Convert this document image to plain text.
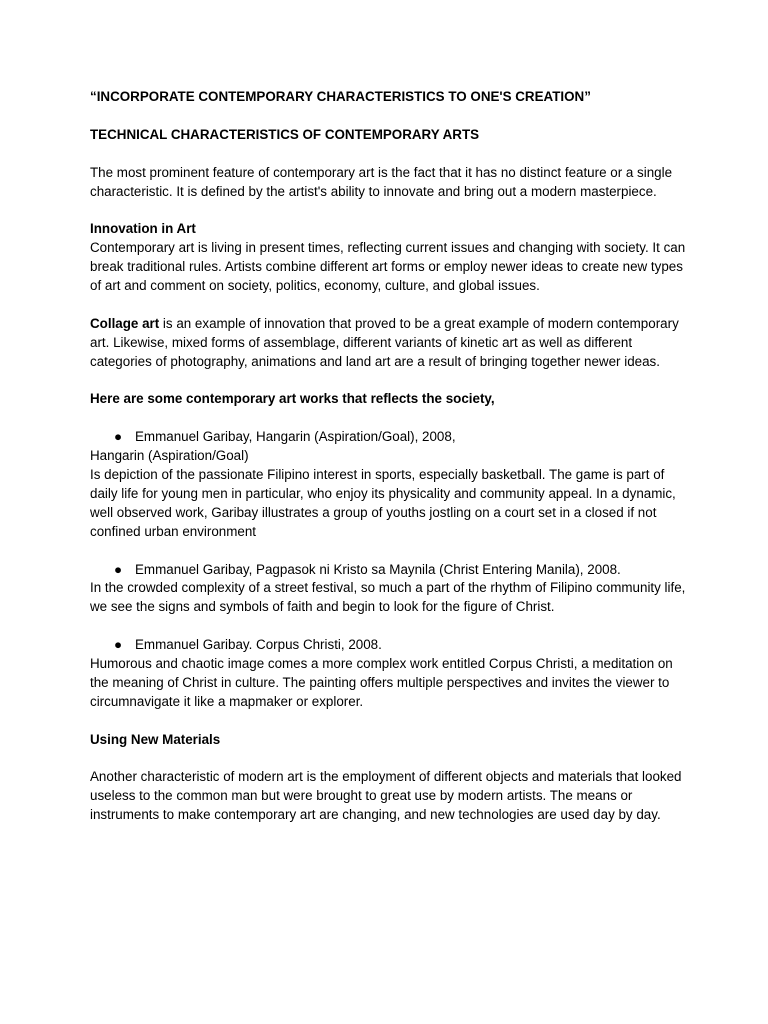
“INCORPORATE CONTEMPORARY CHARACTERISTICS TO ONE'S CREATION”

TECHNICAL CHARACTERISTICS OF CONTEMPORARY ARTS

The most prominent feature of contemporary art is the fact that it has no distinct feature or a single characteristic. It is defined by the artist's ability to innovate and bring out a modern masterpiece.

Innovation in Art

Contemporary art is living in present times, reflecting current issues and changing with society. It can break traditional rules. Artists combine different art forms or employ newer ideas to create new types of art and comment on society, politics, economy, culture, and global issues.

Collage art is an example of innovation that proved to be a great example of modern contemporary art. Likewise, mixed forms of assemblage, different variants of kinetic art as well as different categories of photography, animations and land art are a result of bringing together newer ideas.

Here are some contemporary art works that reflects the society,

● Emmanuel Garibay, Hangarin (Aspiration/Goal), 2008,

Hangarin (Aspiration/Goal)

Is depiction of the passionate Filipino interest in sports, especially basketball. The game is part of daily life for young men in particular, who enjoy its physicality and community appeal. In a dynamic, well observed work, Garibay illustrates a group of youths jostling on a court set in a closed if not confined urban environment

● Emmanuel Garibay, Pagpasok ni Kristo sa Maynila (Christ Entering Manila), 2008.

In the crowded complexity of a street festival, so much a part of the rhythm of Filipino community life, we see the signs and symbols of faith and begin to look for the figure of Christ.

● Emmanuel Garibay. Corpus Christi, 2008.

Humorous and chaotic image comes a more complex work entitled Corpus Christi, a meditation on the meaning of Christ in culture. The painting offers multiple perspectives and invites the viewer to circumnavigate it like a mapmaker or explorer.

Using New Materials

Another characteristic of modern art is the employment of different objects and materials that looked useless to the common man but were brought to great use by modern artists. The means or instruments to make contemporary art are changing, and new technologies are used day by day.
